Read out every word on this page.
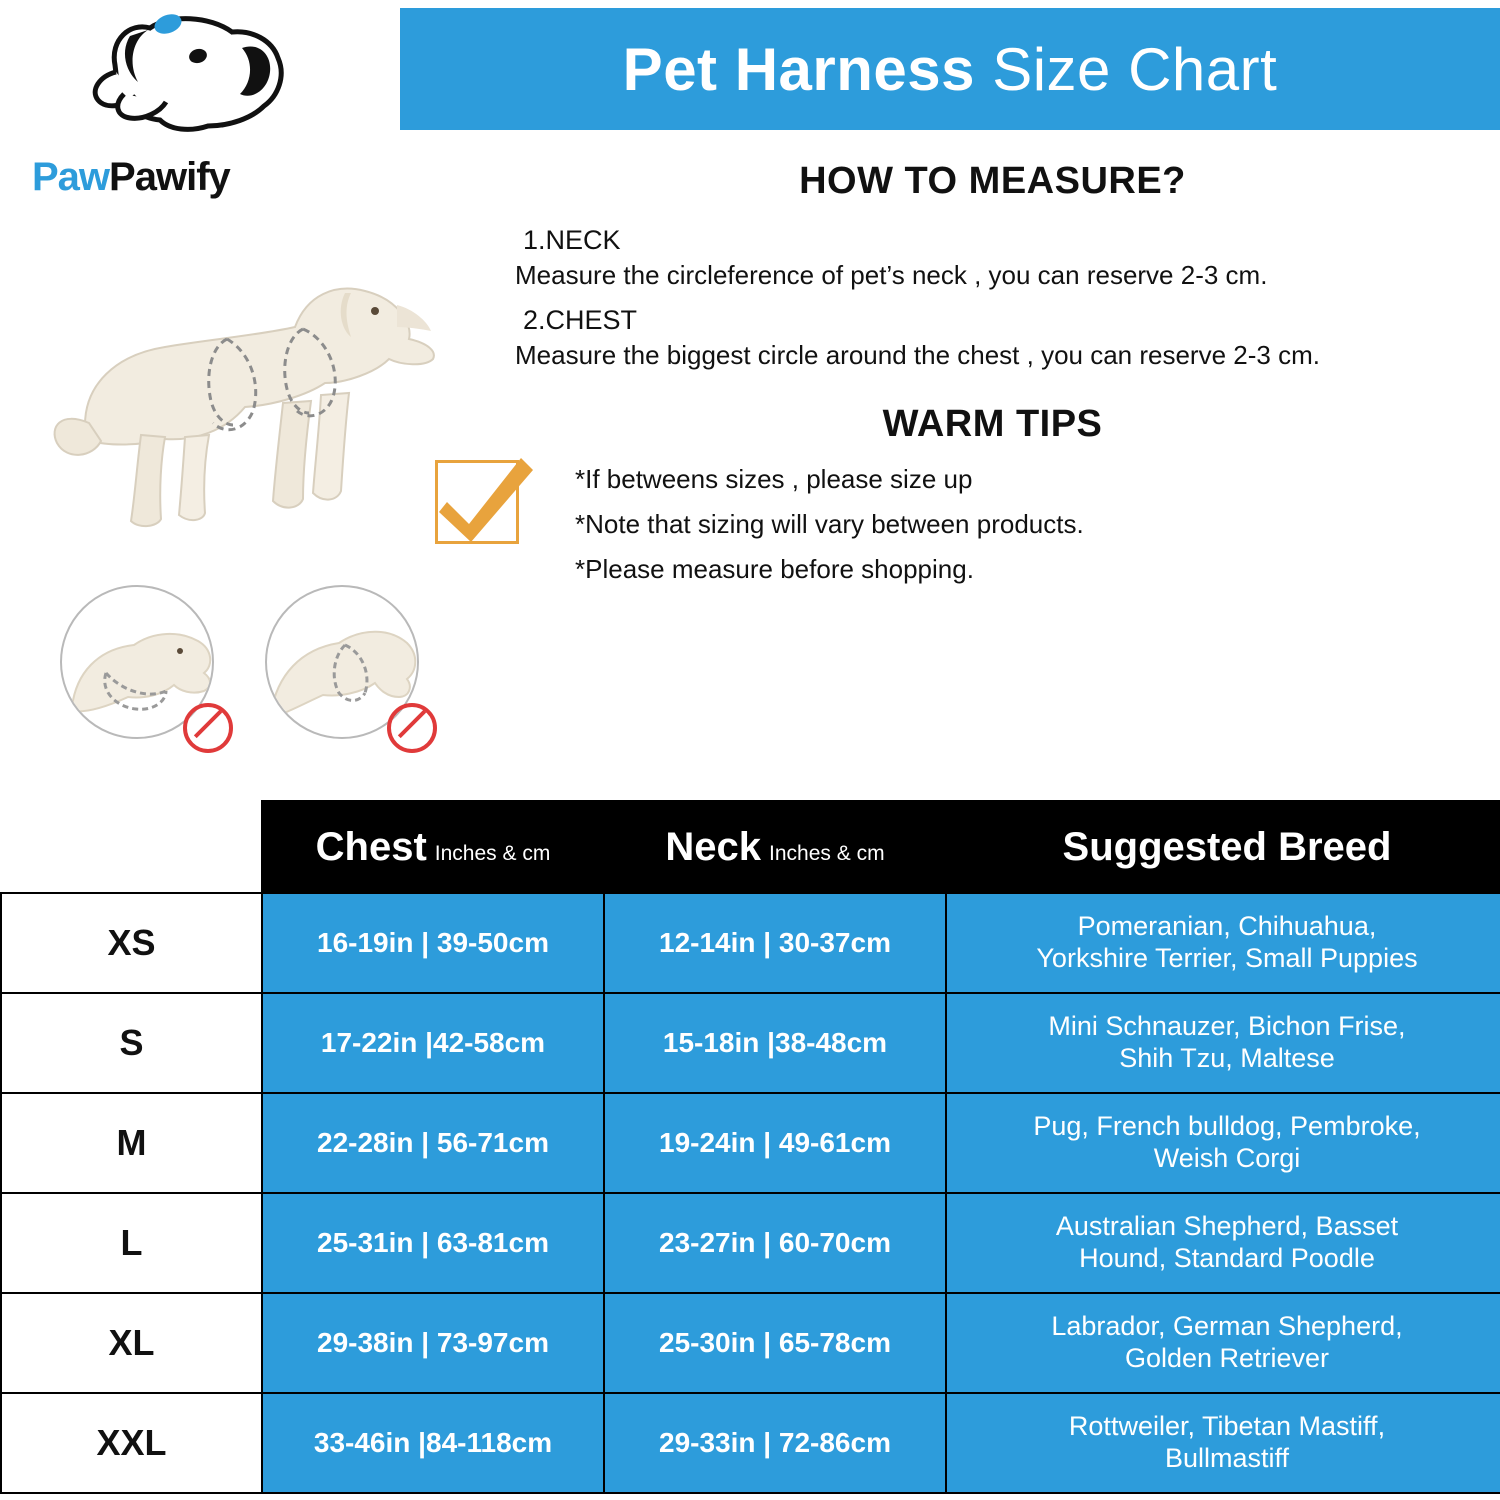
Pet Harness Size Chart
PawPawify	HOW TO MEASURE?
1.NECK
Measure the circleference of pet’s neck , you can reserve 2-3 cm.
2.CHEST
Measure the biggest circle around the chest , you can reserve 2-3 cm.
WARM TIPS
*If betweens sizes , please size up
*Note that sizing will vary between products.
*Please measure before shopping.
	Chest Inches & cm	Neck Inches & cm	Suggested Breed
XS	16-19in | 39-50cm	12-14in | 30-37cm	Pomeranian, Chihuahua,
Yorkshire Terrier, Small Puppies
S	17-22in |42-58cm	15-18in |38-48cm	Mini Schnauzer, Bichon Frise,
Shih Tzu, Maltese
M	22-28in | 56-71cm	19-24in | 49-61cm	Pug, French bulldog, Pembroke,
Weish Corgi
L	25-31in | 63-81cm	23-27in | 60-70cm	Australian Shepherd, Basset
Hound, Standard Poodle
XL	29-38in | 73-97cm	25-30in | 65-78cm	Labrador, German Shepherd,
Golden Retriever
XXL	33-46in |84-118cm	29-33in | 72-86cm	Rottweiler, Tibetan Mastiff,
Bullmastiff
